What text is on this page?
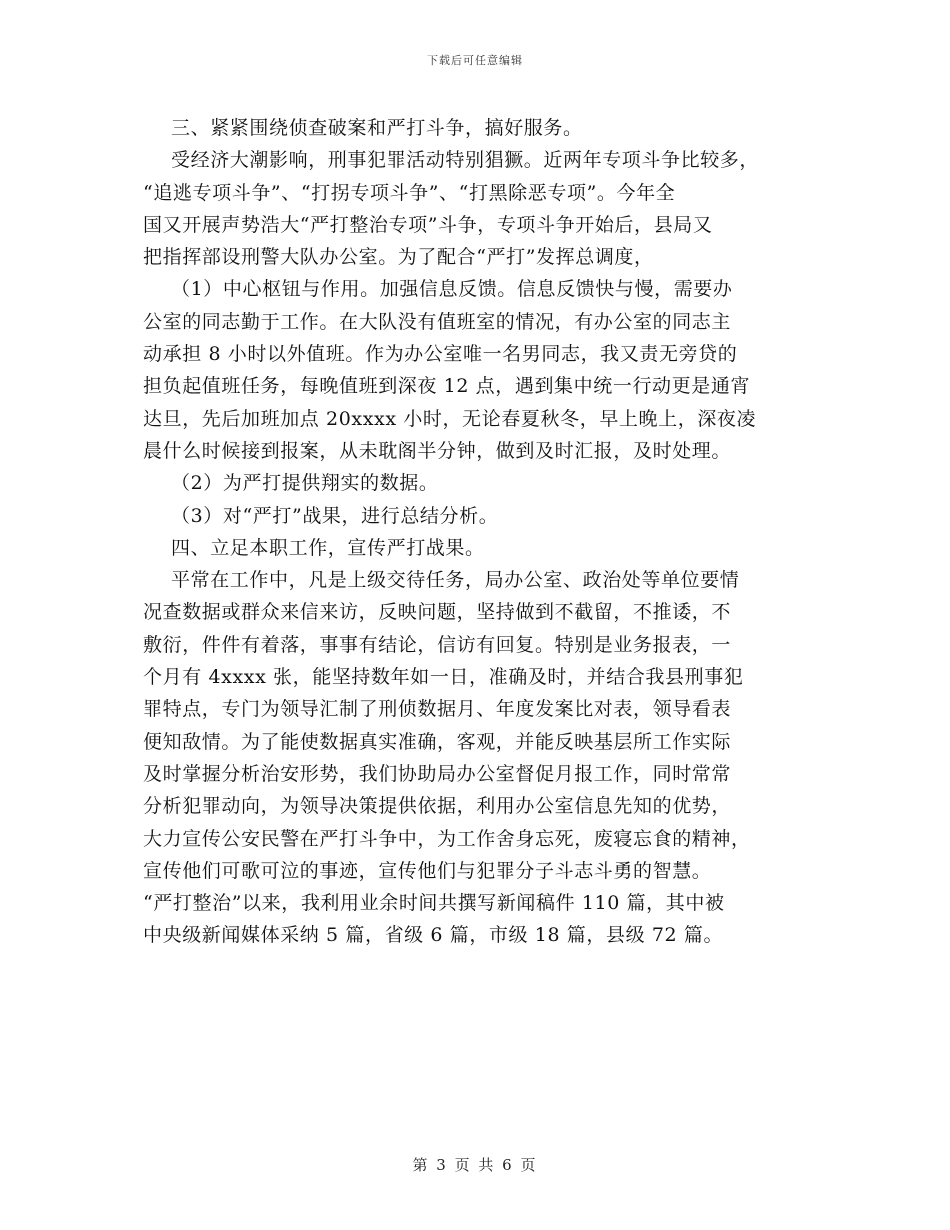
下载后可任意编辑
三、紧紧围绕侦查破案和严打斗争，搞好服务。
受经济大潮影响，刑事犯罪活动特别猖獗。近两年专项斗争比较多，
“追逃专项斗争”、“打拐专项斗争”、“打黑除恶专项”。今年全
国又开展声势浩大“严打整治专项”斗争，专项斗争开始后，县局又
把指挥部设刑警大队办公室。为了配合“严打”发挥总调度，
（1）中心枢钮与作用。加强信息反馈。信息反馈快与慢，需要办
公室的同志勤于工作。在大队没有值班室的情况，有办公室的同志主
动承担 8 小时以外值班。作为办公室唯一名男同志，我又责无旁贷的
担负起值班任务，每晚值班到深夜 12 点，遇到集中统一行动更是通宵
达旦，先后加班加点 20xxxx 小时，无论春夏秋冬，早上晚上，深夜凌
晨什么时候接到报案，从未耽阁半分钟，做到及时汇报，及时处理。
（2）为严打提供翔实的数据。
（3）对“严打”战果，进行总结分析。
四、立足本职工作，宣传严打战果。
平常在工作中，凡是上级交待任务，局办公室、政治处等单位要情
况查数据或群众来信来访，反映问题，坚持做到不截留，不推诿，不
敷衍，件件有着落，事事有结论，信访有回复。特别是业务报表，一
个月有 4xxxx 张，能坚持数年如一日，准确及时，并结合我县刑事犯
罪特点，专门为领导汇制了刑侦数据月、年度发案比对表，领导看表
便知敌情。为了能使数据真实准确，客观，并能反映基层所工作实际
及时掌握分析治安形势，我们协助局办公室督促月报工作，同时常常
分析犯罪动向，为领导决策提供依据，利用办公室信息先知的优势，
大力宣传公安民警在严打斗争中，为工作舍身忘死，废寝忘食的精神，
宣传他们可歌可泣的事迹，宣传他们与犯罪分子斗志斗勇的智慧。
“严打整治”以来，我利用业余时间共撰写新闻稿件 110 篇，其中被
中央级新闻媒体采纳 5 篇，省级 6 篇，市级 18 篇，县级 72 篇。
第 3 页 共 6 页
